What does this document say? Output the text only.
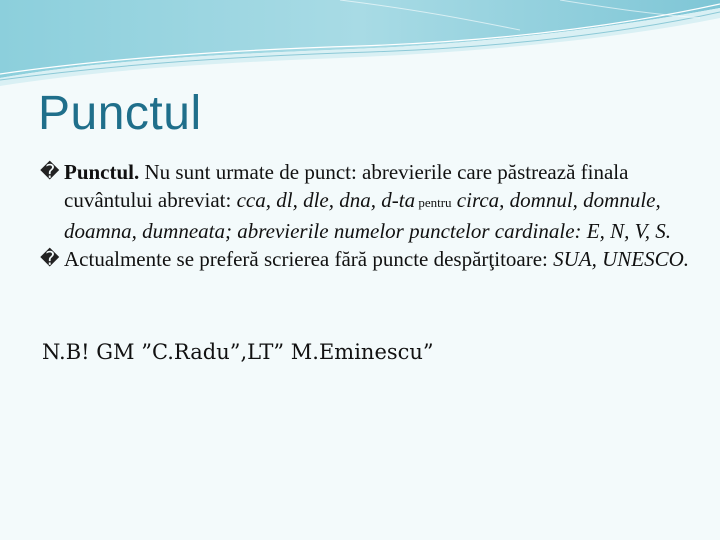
Punctul

� Punctul. Nu sunt urmate de punct: abrevierile care păstrează finala cuvântului abreviat: cca, dl, dle, dna, d-ta pentru circa, domnul, domnule, doamna, dumneata; abrevierile numelor punctelor cardinale: E, N, V, S.

� Actualmente se preferă scrierea fără puncte despărţitoare: SUA, UNESCO.

N.B! GM ”C.Radu”,LT” M.Eminescu”
